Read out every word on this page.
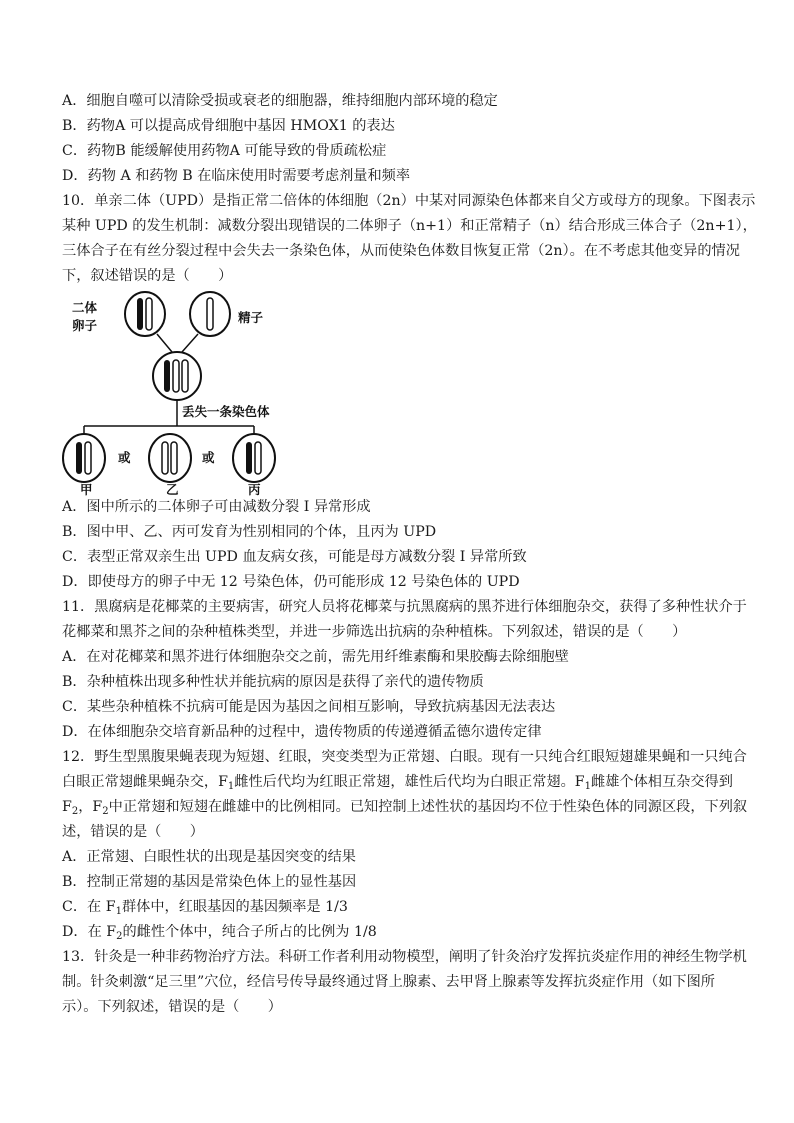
A．细胞自噬可以清除受损或衰老的细胞器，维持细胞内部环境的稳定
B．药物A 可以提高成骨细胞中基因 HMOX1 的表达
C．药物B 能缓解使用药物A 可能导致的骨质疏松症
D．药物 A 和药物 B 在临床使用时需要考虑剂量和频率
10．单亲二体（UPD）是指正常二倍体的体细胞（2n）中某对同源染色体都来自父方或母方的现象。下图表示
某种 UPD 的发生机制：减数分裂出现错误的二体卵子（n+1）和正常精子（n）结合形成三体合子（2n+1），
三体合子在有丝分裂过程中会失去一条染色体，从而使染色体数目恢复正常（2n）。在不考虑其他变异的情况
下，叙述错误的是（　　）
二体
卵子
精子
丢失一条染色体
甲
或
乙
或
丙
A．图中所示的二体卵子可由减数分裂 I 异常形成
B．图中甲、乙、丙可发育为性别相同的个体，且丙为 UPD
C．表型正常双亲生出 UPD 血友病女孩，可能是母方减数分裂 I 异常所致
D．即使母方的卵子中无 12 号染色体，仍可能形成 12 号染色体的 UPD
11．黑腐病是花椰菜的主要病害，研究人员将花椰菜与抗黑腐病的黑芥进行体细胞杂交，获得了多种性状介于
花椰菜和黑芥之间的杂种植株类型，并进一步筛选出抗病的杂种植株。下列叙述，错误的是（　　）
A．在对花椰菜和黑芥进行体细胞杂交之前，需先用纤维素酶和果胶酶去除细胞壁
B．杂种植株出现多种性状并能抗病的原因是获得了亲代的遗传物质
C．某些杂种植株不抗病可能是因为基因之间相互影响，导致抗病基因无法表达
D．在体细胞杂交培育新品种的过程中，遗传物质的传递遵循孟德尔遗传定律
12．野生型黑腹果蝇表现为短翅、红眼，突变类型为正常翅、白眼。现有一只纯合红眼短翅雄果蝇和一只纯合
白眼正常翅雌果蝇杂交，$F_1$雌性后代均为红眼正常翅，雄性后代均为白眼正常翅。$F_1$雌雄个体相互杂交得到
$F_2$，$F_2$中正常翅和短翅在雌雄中的比例相同。已知控制上述性状的基因均不位于性染色体的同源区段，下列叙
述，错误的是（　　）
A．正常翅、白眼性状的出现是基因突变的结果
B．控制正常翅的基因是常染色体上的显性基因
C．在 $F_1$群体中，红眼基因的基因频率是 1/3
D．在 $F_2$的雌性个体中，纯合子所占的比例为 1/8
13．针灸是一种非药物治疗方法。科研工作者利用动物模型，阐明了针灸治疗发挥抗炎症作用的神经生物学机
制。针灸刺激“足三里”穴位，经信号传导最终通过肾上腺素、去甲肾上腺素等发挥抗炎症作用（如下图所
示）。下列叙述，错误的是（　　）
